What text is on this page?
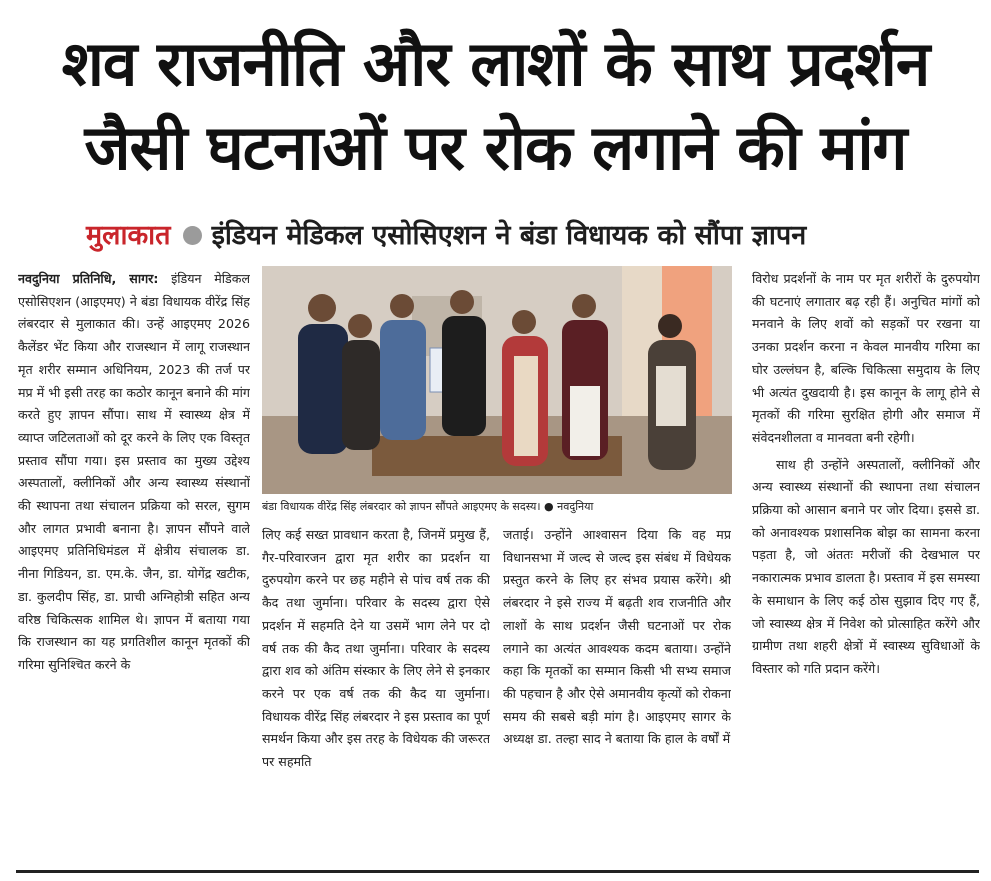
शव राजनीति और लाशों के साथ प्रदर्शन
जैसी घटनाओं पर रोक लगाने की मांग
मुलाकात इंडियन मेडिकल एसोसिएशन ने बंडा विधायक को सौंपा ज्ञापन
नवदुनिया प्रतिनिधि, सागर: इंडियन मेडिकल एसोसिएशन (आइएमए) ने बंडा विधायक वीरेंद्र सिंह लंबरदार से मुलाकात की। उन्हें आइएमए 2026 कैलेंडर भेंट किया और राजस्थान में लागू राजस्थान मृत शरीर सम्मान अधिनियम, 2023 की तर्ज पर मप्र में भी इसी तरह का कठोर कानून बनाने की मांग करते हुए ज्ञापन सौंपा। साथ में स्वास्थ्य क्षेत्र में व्याप्त जटिलताओं को दूर करने के लिए एक विस्तृत प्रस्ताव सौंपा गया। इस प्रस्ताव का मुख्य उद्देश्य अस्पतालों, क्लीनिकों और अन्य स्वास्थ्य संस्थानों की स्थापना तथा संचालन प्रक्रिया को सरल, सुगम और लागत प्रभावी बनाना है। ज्ञापन सौंपने वाले आइएमए प्रतिनिधिमंडल में क्षेत्रीय संचालक डा. नीना गिडियन, डा. एम.के. जैन, डा. योगेंद्र खटीक, डा. कुलदीप सिंह, डा. प्राची अग्निहोत्री सहित अन्य वरिष्ठ चिकित्सक शामिल थे। ज्ञापन में बताया गया कि राजस्थान का यह प्रगतिशील कानून मृतकों की गरिमा सुनिश्चित करने के
बंडा विधायक वीरेंद्र सिंह लंबरदार को ज्ञापन सौंपते आइएमए के सदस्य। ● नवदुनिया
लिए कई सख्त प्रावधान करता है, जिनमें प्रमुख हैं, गैर-परिवारजन द्वारा मृत शरीर का प्रदर्शन या दुरुपयोग करने पर छह महीने से पांच वर्ष तक की कैद तथा जुर्माना। परिवार के सदस्य द्वारा ऐसे प्रदर्शन में सहमति देने या उसमें भाग लेने पर दो वर्ष तक की कैद तथा जुर्माना। परिवार के सदस्य द्वारा शव को अंतिम संस्कार के लिए लेने से इनकार करने पर एक वर्ष तक की कैद या जुर्माना। विधायक वीरेंद्र सिंह लंबरदार ने इस प्रस्ताव का पूर्ण समर्थन किया और इस तरह के विधेयक की जरूरत पर सहमति
जताई। उन्होंने आश्वासन दिया कि वह मप्र विधानसभा में जल्द से जल्द इस संबंध में विधेयक प्रस्तुत करने के लिए हर संभव प्रयास करेंगे। श्री लंबरदार ने इसे राज्य में बढ़ती शव राजनीति और लाशों के साथ प्रदर्शन जैसी घटनाओं पर रोक लगाने का अत्यंत आवश्यक कदम बताया। उन्होंने कहा कि मृतकों का सम्मान किसी भी सभ्य समाज की पहचान है और ऐसे अमानवीय कृत्यों को रोकना समय की सबसे बड़ी मांग है। आइएमए सागर के अध्यक्ष डा. तल्हा साद ने बताया कि हाल के वर्षों में
विरोध प्रदर्शनों के नाम पर मृत शरीरों के दुरुपयोग की घटनाएं लगातार बढ़ रही हैं। अनुचित मांगों को मनवाने के लिए शवों को सड़कों पर रखना या उनका प्रदर्शन करना न केवल मानवीय गरिमा का घोर उल्लंघन है, बल्कि चिकित्सा समुदाय के लिए भी अत्यंत दुखदायी है। इस कानून के लागू होने से मृतकों की गरिमा सुरक्षित होगी और समाज में संवेदनशीलता व मानवता बनी रहेगी।
साथ ही उन्होंने अस्पतालों, क्लीनिकों और अन्य स्वास्थ्य संस्थानों की स्थापना तथा संचालन प्रक्रिया को आसान बनाने पर जोर दिया। इससे डा. को अनावश्यक प्रशासनिक बोझ का सामना करना पड़ता है, जो अंततः मरीजों की देखभाल पर नकारात्मक प्रभाव डालता है। प्रस्ताव में इस समस्या के समाधान के लिए कई ठोस सुझाव दिए गए हैं, जो स्वास्थ्य क्षेत्र में निवेश को प्रोत्साहित करेंगे और ग्रामीण तथा शहरी क्षेत्रों में स्वास्थ्य सुविधाओं के विस्तार को गति प्रदान करेंगे।
